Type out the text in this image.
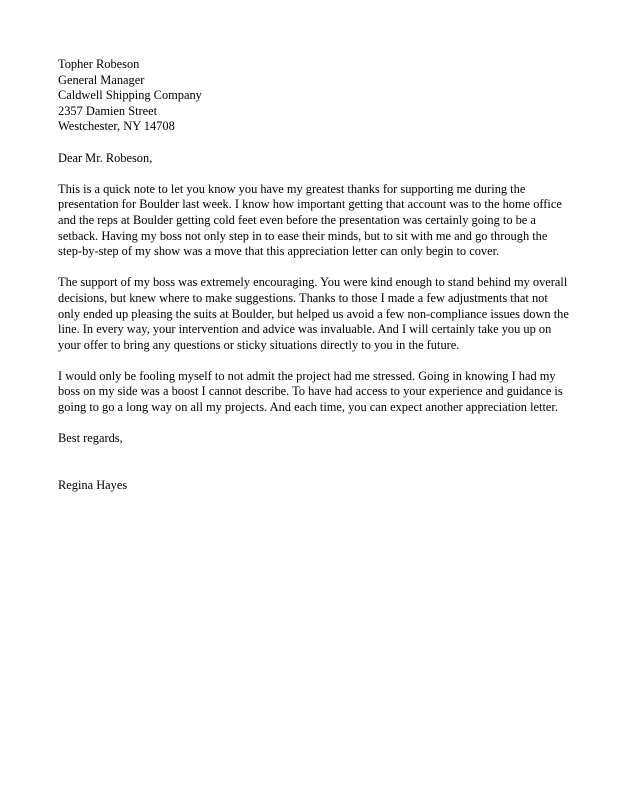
Topher Robeson
General Manager
Caldwell Shipping Company
2357 Damien Street
Westchester, NY 14708
Dear Mr. Robeson,
This is a quick note to let you know you have my greatest thanks for supporting me during the
presentation for Boulder last week. I know how important getting that account was to the home office
and the reps at Boulder getting cold feet even before the presentation was certainly going to be a
setback. Having my boss not only step in to ease their minds, but to sit with me and go through the
step-by-step of my show was a move that this appreciation letter can only begin to cover.
The support of my boss was extremely encouraging. You were kind enough to stand behind my overall
decisions, but knew where to make suggestions. Thanks to those I made a few adjustments that not
only ended up pleasing the suits at Boulder, but helped us avoid a few non-compliance issues down the
line. In every way, your intervention and advice was invaluable. And I will certainly take you up on
your offer to bring any questions or sticky situations directly to you in the future.
I would only be fooling myself to not admit the project had me stressed. Going in knowing I had my
boss on my side was a boost I cannot describe. To have had access to your experience and guidance is
going to go a long way on all my projects. And each time, you can expect another appreciation letter.
Best regards,
Regina Hayes
